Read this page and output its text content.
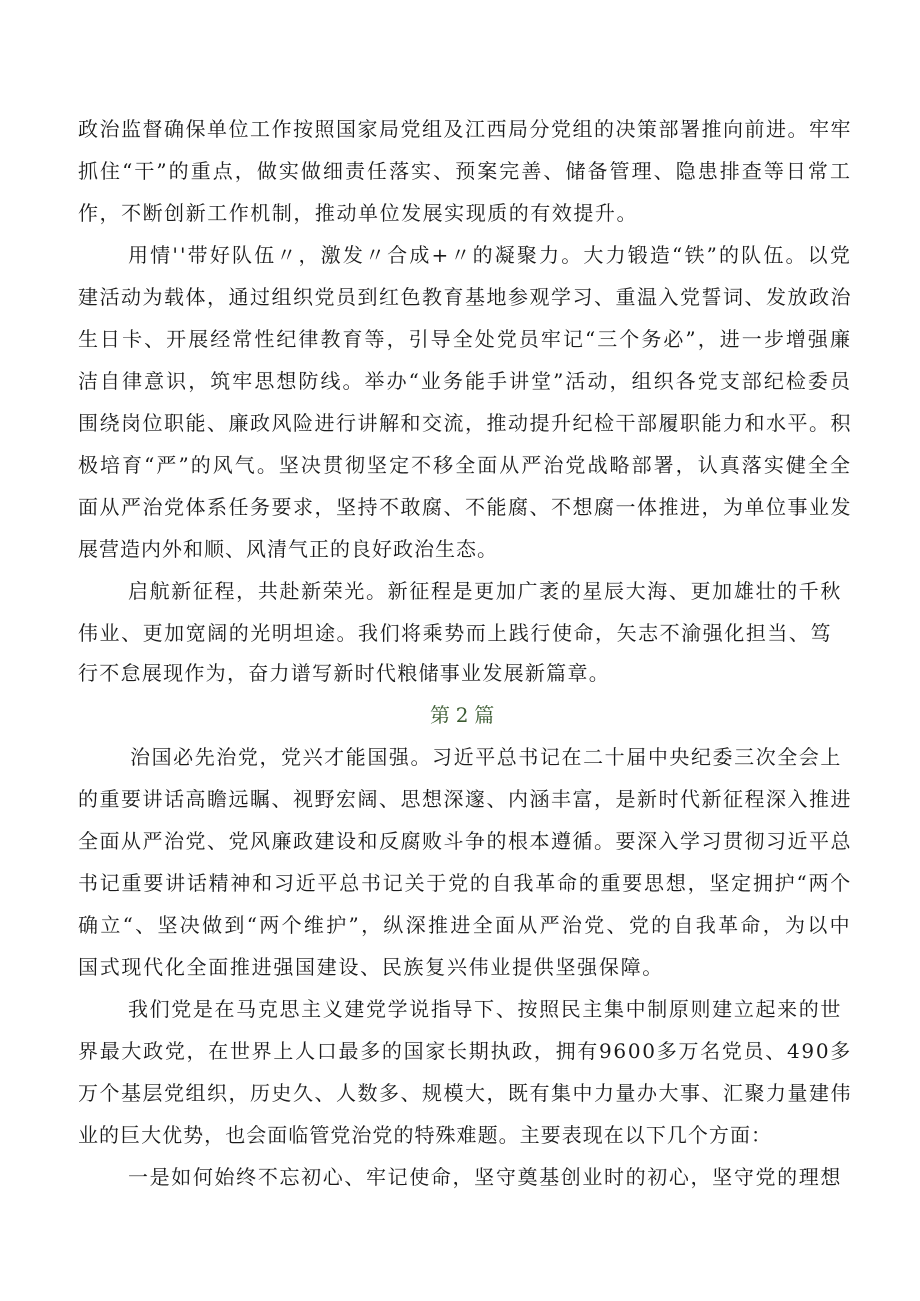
政治监督确保单位工作按照国家局党组及江西局分党组的决策部署推向前进。牢牢
抓住“干”的重点，做实做细责任落实、预案完善、储备管理、隐患排查等日常工
作，不断创新工作机制，推动单位发展实现质的有效提升。
用情''带好队伍〃，激发〃合成+〃的凝聚力。大力锻造“铁”的队伍。以党
建活动为载体，通过组织党员到红色教育基地参观学习、重温入党誓词、发放政治
生日卡、开展经常性纪律教育等，引导全处党员牢记“三个务必”，进一步增强廉
洁自律意识，筑牢思想防线。举办“业务能手讲堂”活动，组织各党支部纪检委员
围绕岗位职能、廉政风险进行讲解和交流，推动提升纪检干部履职能力和水平。积
极培育“严”的风气。坚决贯彻坚定不移全面从严治党战略部署，认真落实健全全
面从严治党体系任务要求，坚持不敢腐、不能腐、不想腐一体推进，为单位事业发
展营造内外和顺、风清气正的良好政治生态。
启航新征程，共赴新荣光。新征程是更加广袤的星辰大海、更加雄壮的千秋
伟业、更加宽阔的光明坦途。我们将乘势而上践行使命，矢志不渝强化担当、笃
行不怠展现作为，奋力谱写新时代粮储事业发展新篇章。
第2篇
治国必先治党，党兴才能国强。习近平总书记在二十届中央纪委三次全会上
的重要讲话高瞻远瞩、视野宏阔、思想深邃、内涵丰富，是新时代新征程深入推进
全面从严治党、党风廉政建设和反腐败斗争的根本遵循。要深入学习贯彻习近平总
书记重要讲话精神和习近平总书记关于党的自我革命的重要思想，坚定拥护“两个
确立“、坚决做到“两个维护”，纵深推进全面从严治党、党的自我革命，为以中
国式现代化全面推进强国建设、民族复兴伟业提供坚强保障。
我们党是在马克思主义建党学说指导下、按照民主集中制原则建立起来的世
界最大政党，在世界上人口最多的国家长期执政，拥有9600多万名党员、490多
万个基层党组织，历史久、人数多、规模大，既有集中力量办大事、汇聚力量建伟
业的巨大优势，也会面临管党治党的特殊难题。主要表现在以下几个方面：
一是如何始终不忘初心、牢记使命，坚守奠基创业时的初心，坚守党的理想
